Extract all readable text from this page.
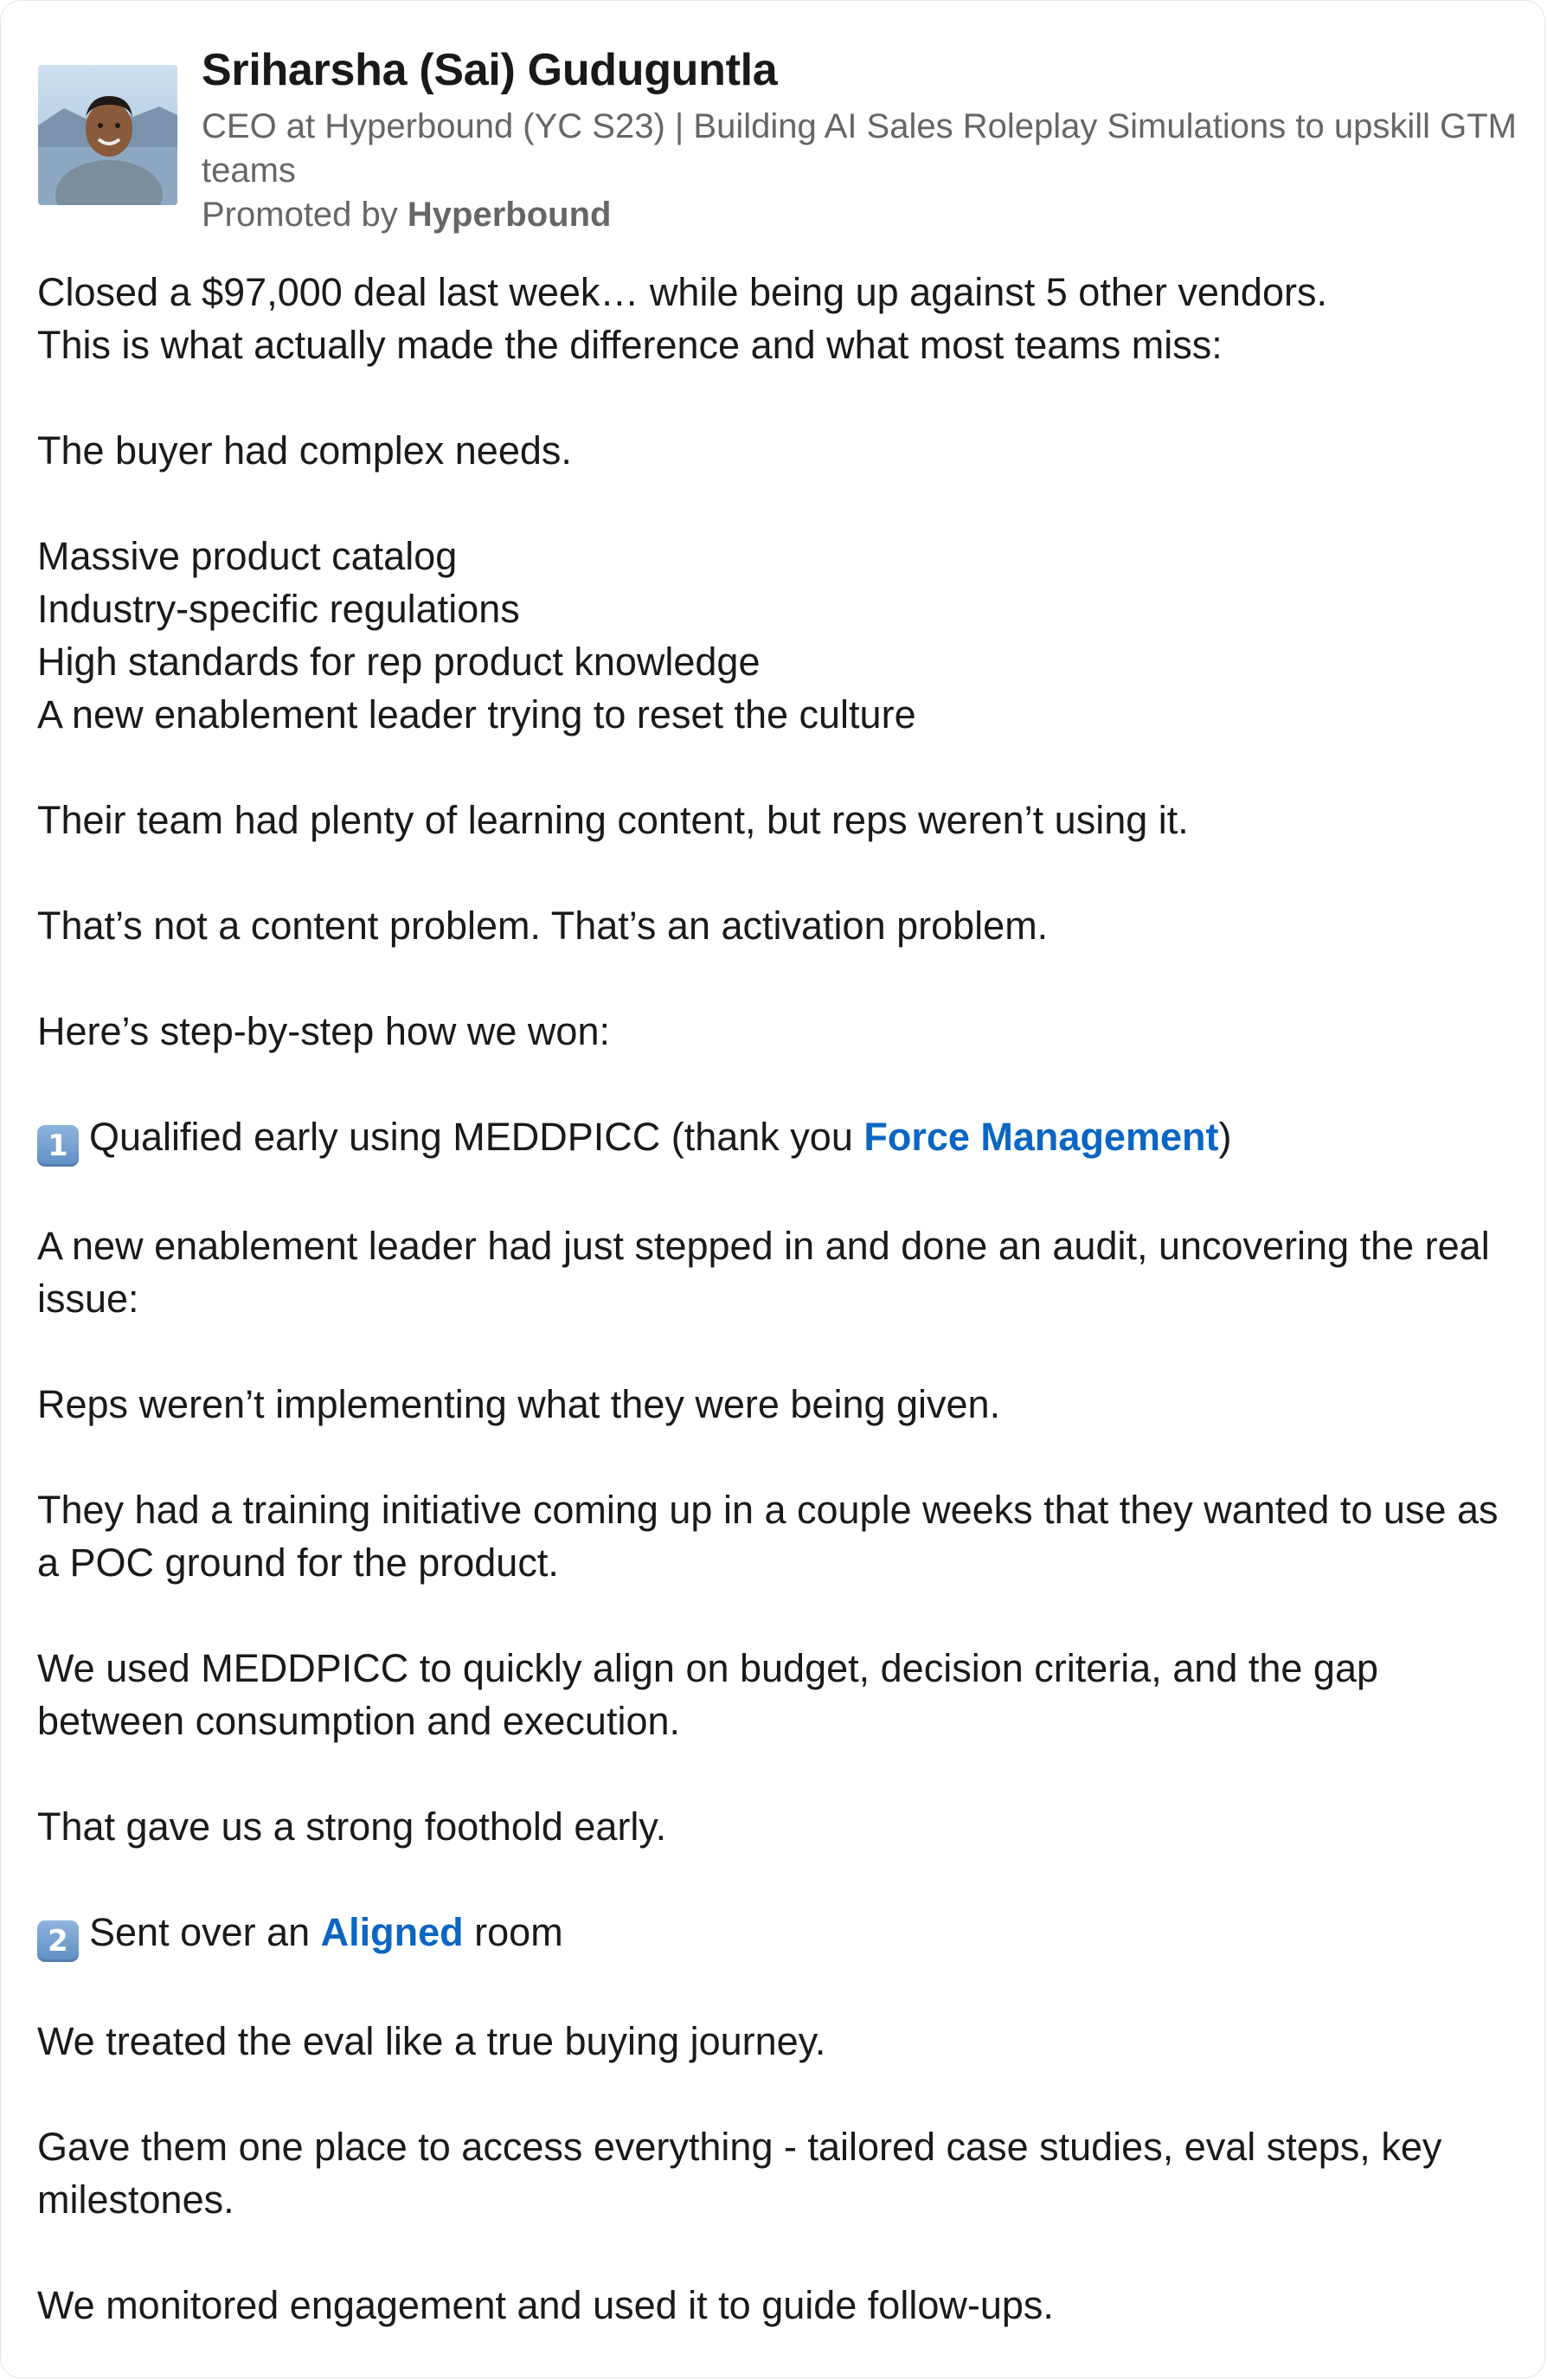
Sriharsha (Sai) Guduguntla
CEO at Hyperbound (YC S23) | Building AI Sales Roleplay Simulations to upskill GTM teams
Promoted by Hyperbound

Closed a $97,000 deal last week… while being up against 5 other vendors.
This is what actually made the difference and what most teams miss:

The buyer had complex needs.

Massive product catalog
Industry-specific regulations
High standards for rep product knowledge
A new enablement leader trying to reset the culture

Their team had plenty of learning content, but reps weren’t using it.

That’s not a content problem. That’s an activation problem.

Here’s step-by-step how we won:

1 Qualified early using MEDDPICC (thank you Force Management)

A new enablement leader had just stepped in and done an audit, uncovering the real issue:

Reps weren’t implementing what they were being given.

They had a training initiative coming up in a couple weeks that they wanted to use as a POC ground for the product.

We used MEDDPICC to quickly align on budget, decision criteria, and the gap between consumption and execution.

That gave us a strong foothold early.

2 Sent over an Aligned room

We treated the eval like a true buying journey.

Gave them one place to access everything - tailored case studies, eval steps, key milestones.

We monitored engagement and used it to guide follow-ups.
